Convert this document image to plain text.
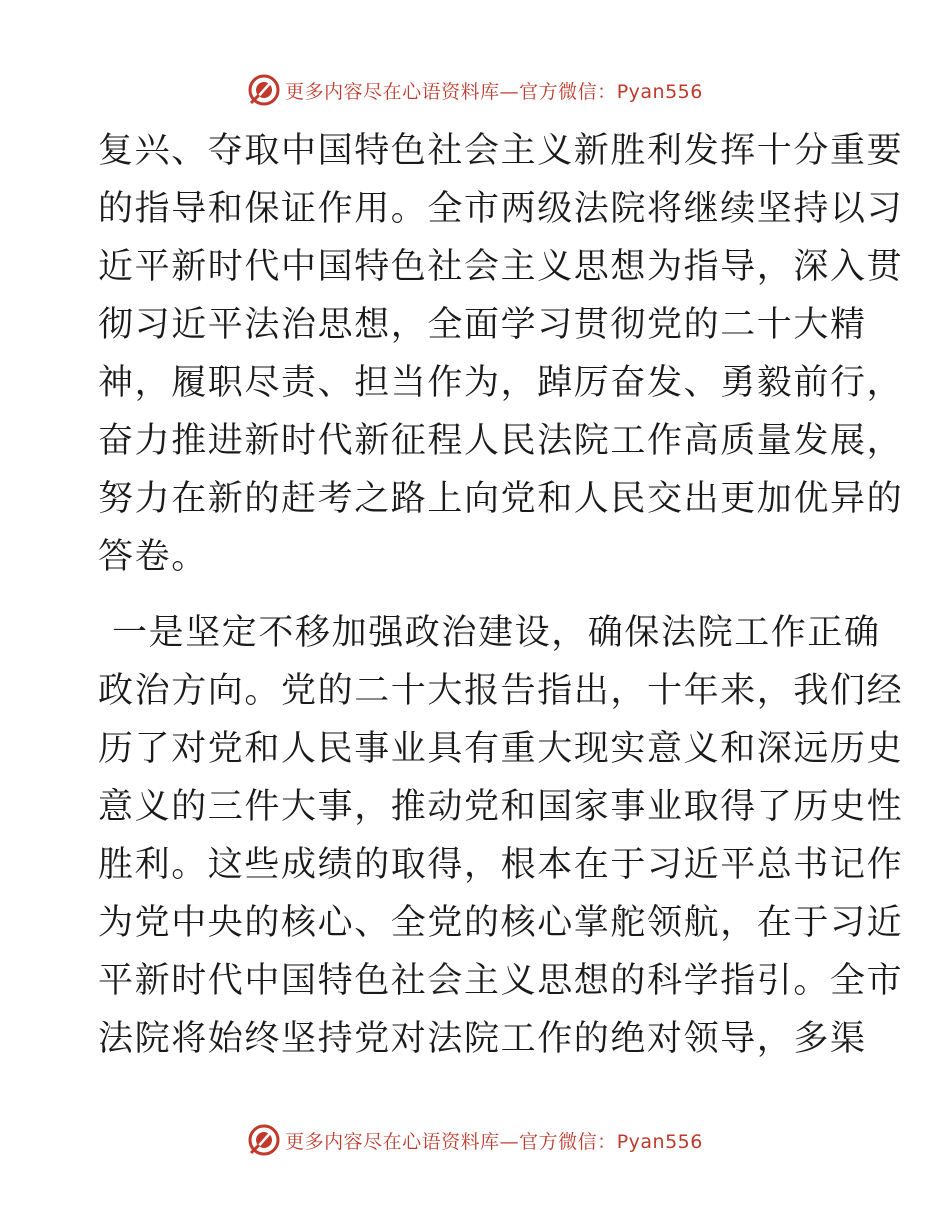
更多内容尽在心语资料库—官方微信：Pyan556

复兴、夺取中国特色社会主义新胜利发挥十分重要
的指导和保证作用。全市两级法院将继续坚持以习
近平新时代中国特色社会主义思想为指导，深入贯
彻习近平法治思想，全面学习贯彻党的二十大精
神，履职尽责、担当作为，踔厉奋发、勇毅前行，
奋力推进新时代新征程人民法院工作高质量发展，
努力在新的赶考之路上向党和人民交出更加优异的
答卷。

一是坚定不移加强政治建设，确保法院工作正确
政治方向。党的二十大报告指出，十年来，我们经
历了对党和人民事业具有重大现实意义和深远历史
意义的三件大事，推动党和国家事业取得了历史性
胜利。这些成绩的取得，根本在于习近平总书记作
为党中央的核心、全党的核心掌舵领航，在于习近
平新时代中国特色社会主义思想的科学指引。全市
法院将始终坚持党对法院工作的绝对领导，多渠

更多内容尽在心语资料库—官方微信：Pyan556
